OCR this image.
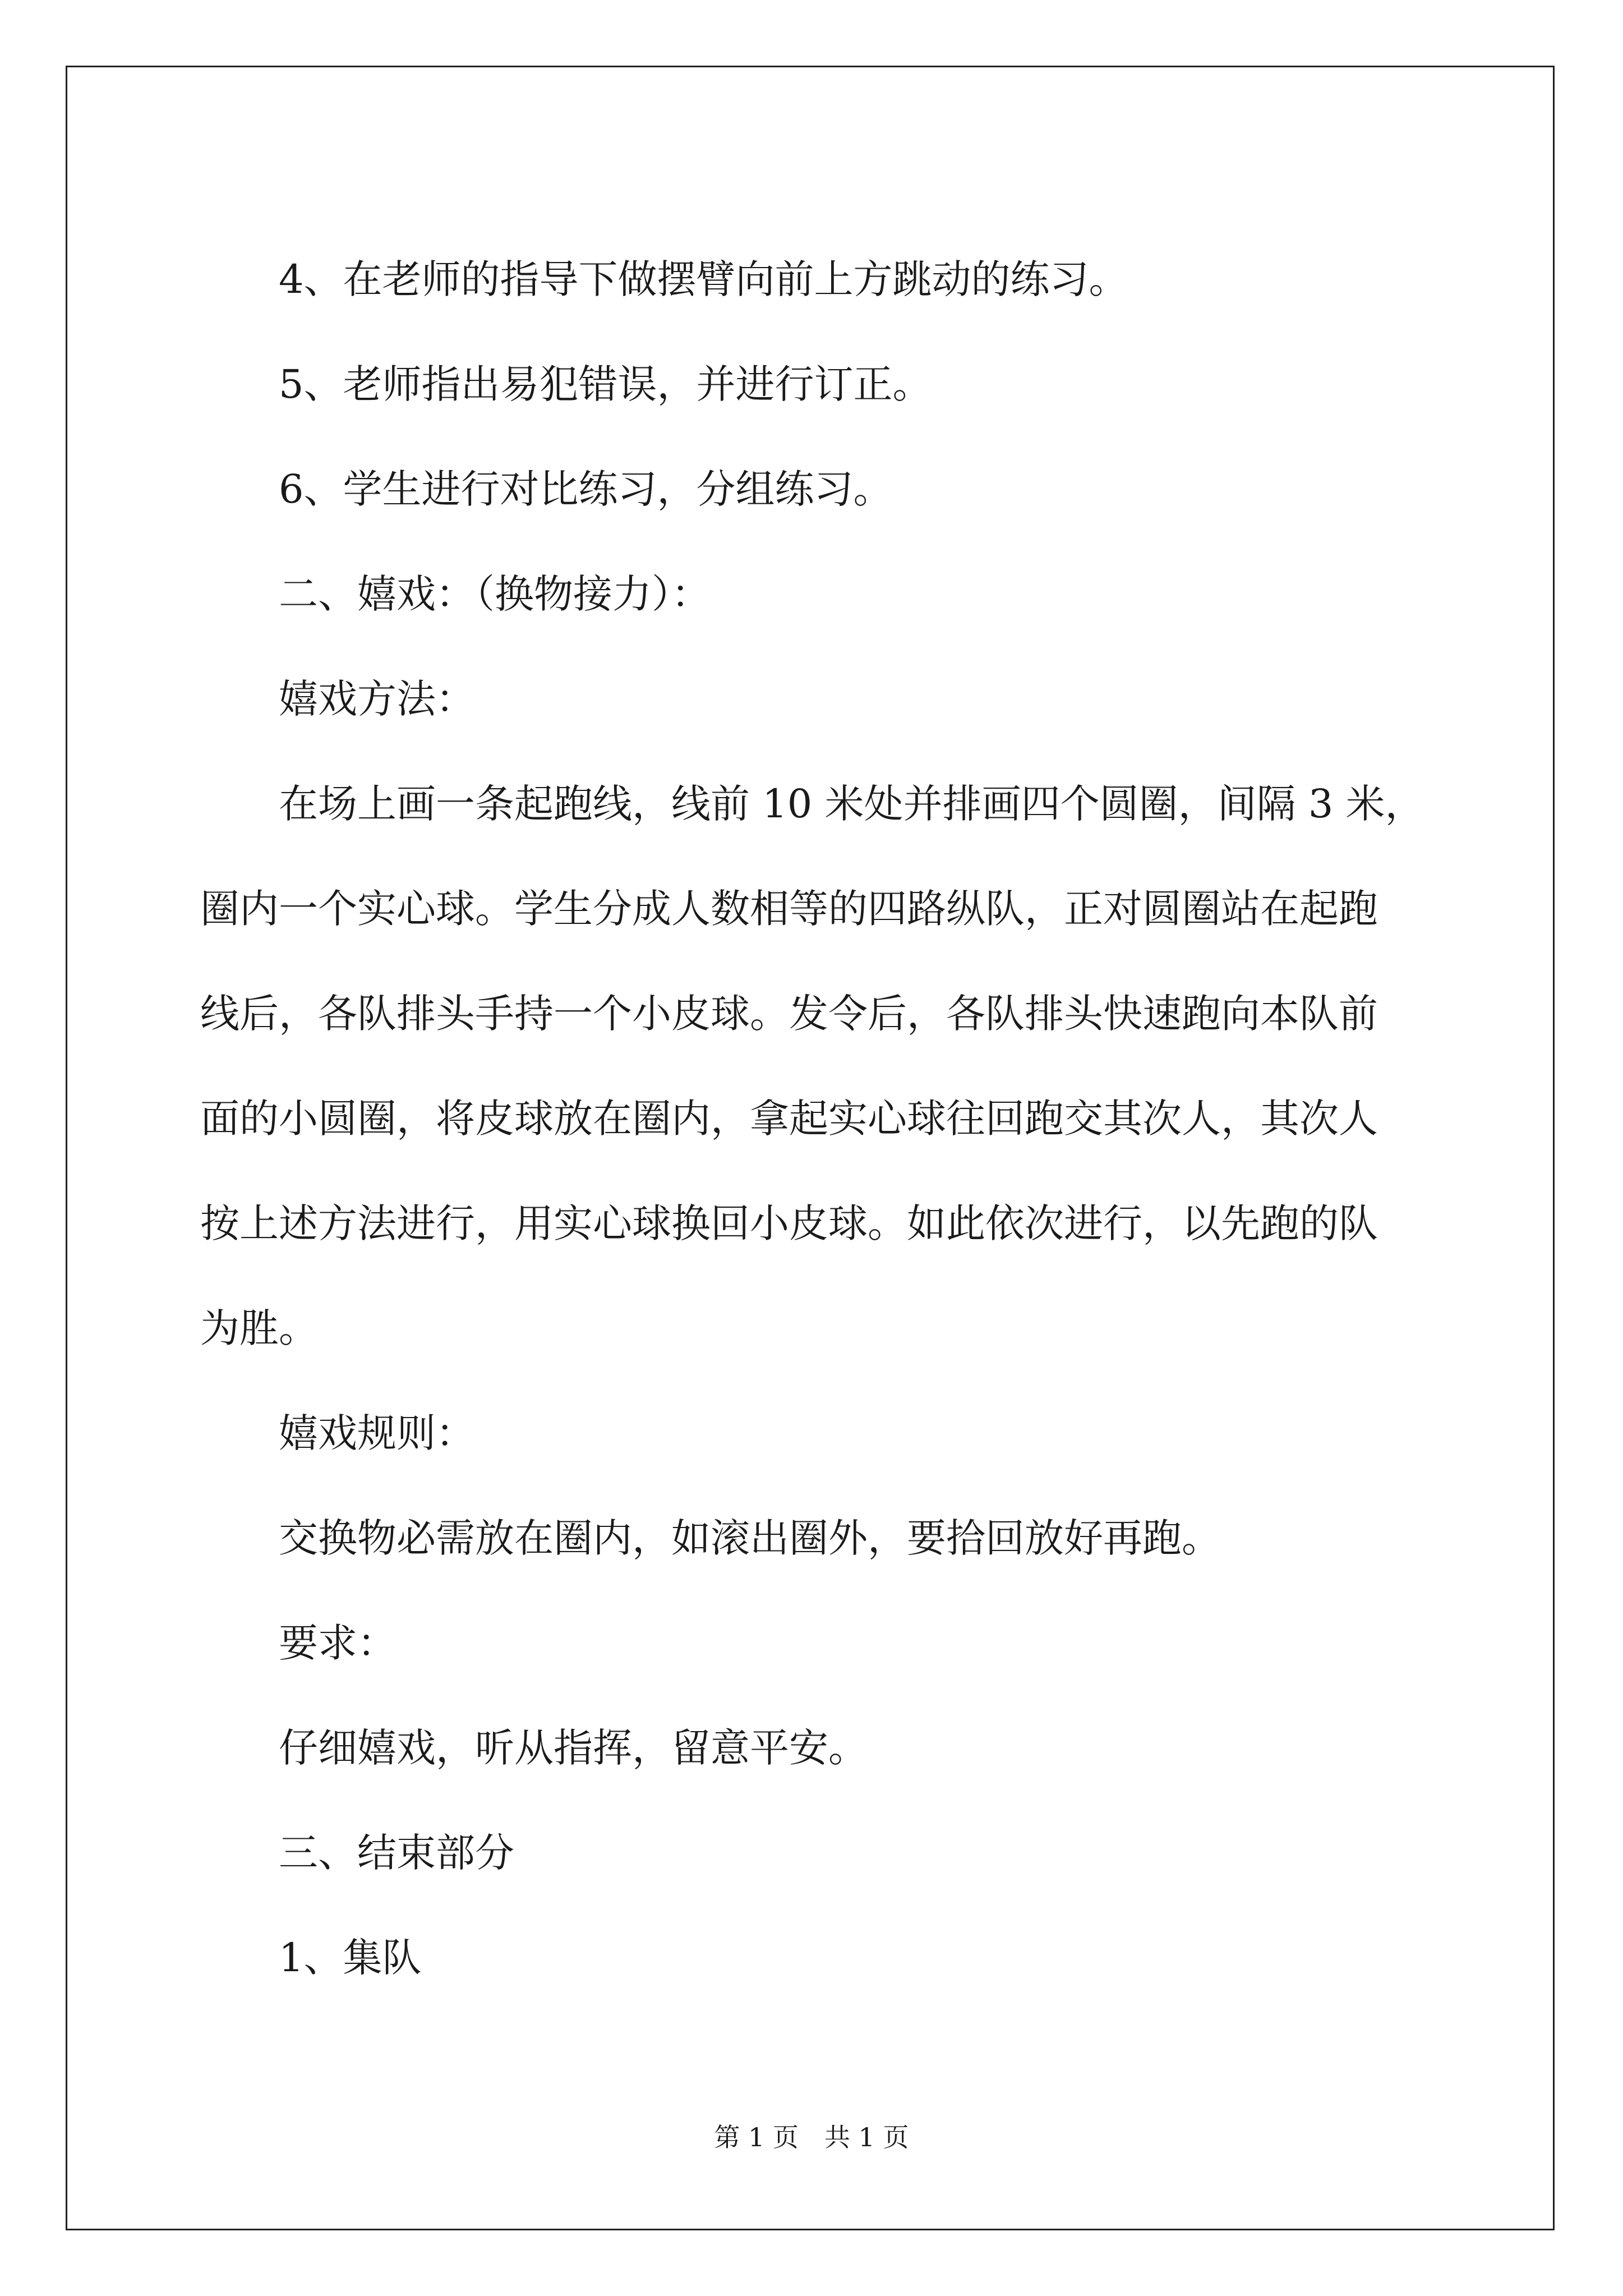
4、在老师的指导下做摆臂向前上方跳动的练习。

5、老师指出易犯错误，并进行订正。

6、学生进行对比练习，分组练习。

二、嬉戏：（换物接力）：

嬉戏方法：

在场上画一条起跑线，线前 10 米处并排画四个圆圈，间隔 3 米，
圈内一个实心球。学生分成人数相等的四路纵队，正对圆圈站在起跑
线后，各队排头手持一个小皮球。发令后，各队排头快速跑向本队前
面的小圆圈，将皮球放在圈内，拿起实心球往回跑交其次人，其次人
按上述方法进行，用实心球换回小皮球。如此依次进行，以先跑的队
为胜。

嬉戏规则：

交换物必需放在圈内，如滚出圈外，要拾回放好再跑。

要求：

仔细嬉戏，听从指挥，留意平安。

三、结束部分

1、集队

第 1 页　共 1 页
